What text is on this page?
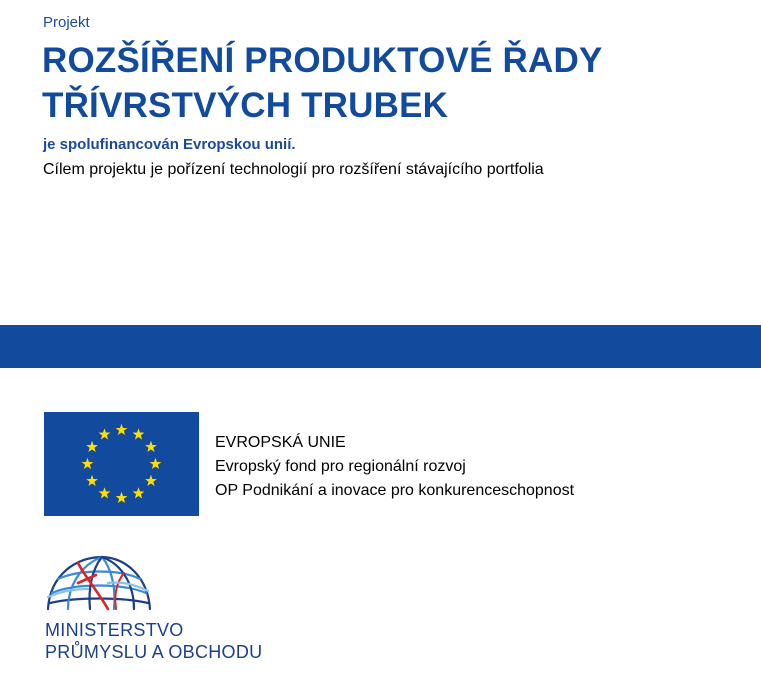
Projekt
ROZŠÍŘENÍ PRODUKTOVÉ ŘADY
TŘÍVRSTVÝCH TRUBEK
je spolufinancován Evropskou unií.
Cílem projektu je pořízení technologií pro rozšíření stávajícího portfolia
EVROPSKÁ UNIE
Evropský fond pro regionální rozvoj
OP Podnikání a inovace pro konkurenceschopnost
MINISTERSTVO
PRŮMYSLU A OBCHODU
